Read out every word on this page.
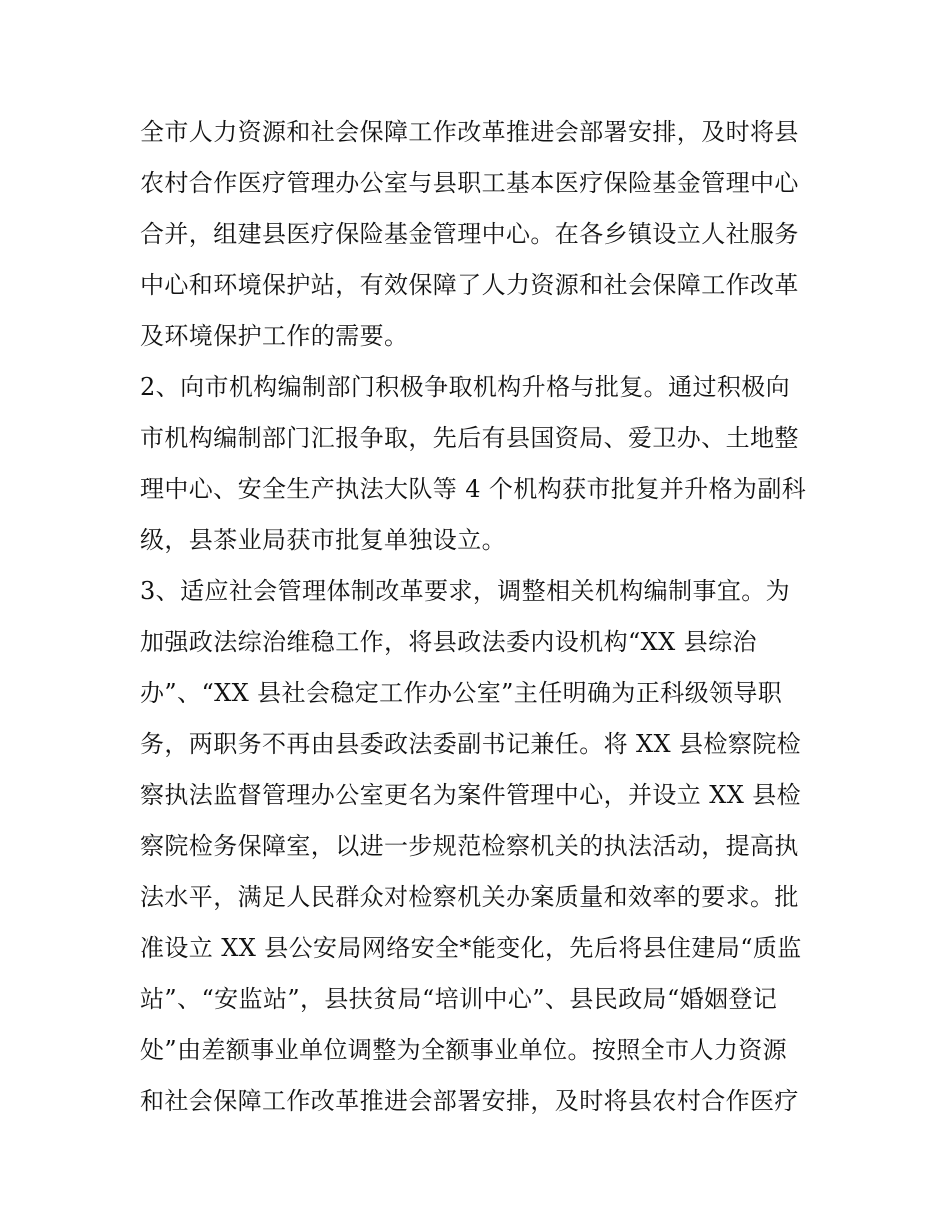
全市人力资源和社会保障工作改革推进会部署安排，及时将县
农村合作医疗管理办公室与县职工基本医疗保险基金管理中心
合并，组建县医疗保险基金管理中心。在各乡镇设立人社服务
中心和环境保护站，有效保障了人力资源和社会保障工作改革
及环境保护工作的需要。
2、向市机构编制部门积极争取机构升格与批复。通过积极向
市机构编制部门汇报争取，先后有县国资局、爱卫办、土地整
理中心、安全生产执法大队等 4 个机构获市批复并升格为副科
级，县茶业局获市批复单独设立。
3、适应社会管理体制改革要求，调整相关机构编制事宜。为
加强政法综治维稳工作，将县政法委内设机构“XX 县综治
办”、“XX 县社会稳定工作办公室”主任明确为正科级领导职
务，两职务不再由县委政法委副书记兼任。将 XX 县检察院检
察执法监督管理办公室更名为案件管理中心，并设立 XX 县检
察院检务保障室，以进一步规范检察机关的执法活动，提高执
法水平，满足人民群众对检察机关办案质量和效率的要求。批
准设立 XX 县公安局网络安全*能变化，先后将县住建局“质监
站”、“安监站”，县扶贫局“培训中心”、县民政局“婚姻登记
处”由差额事业单位调整为全额事业单位。按照全市人力资源
和社会保障工作改革推进会部署安排，及时将县农村合作医疗
